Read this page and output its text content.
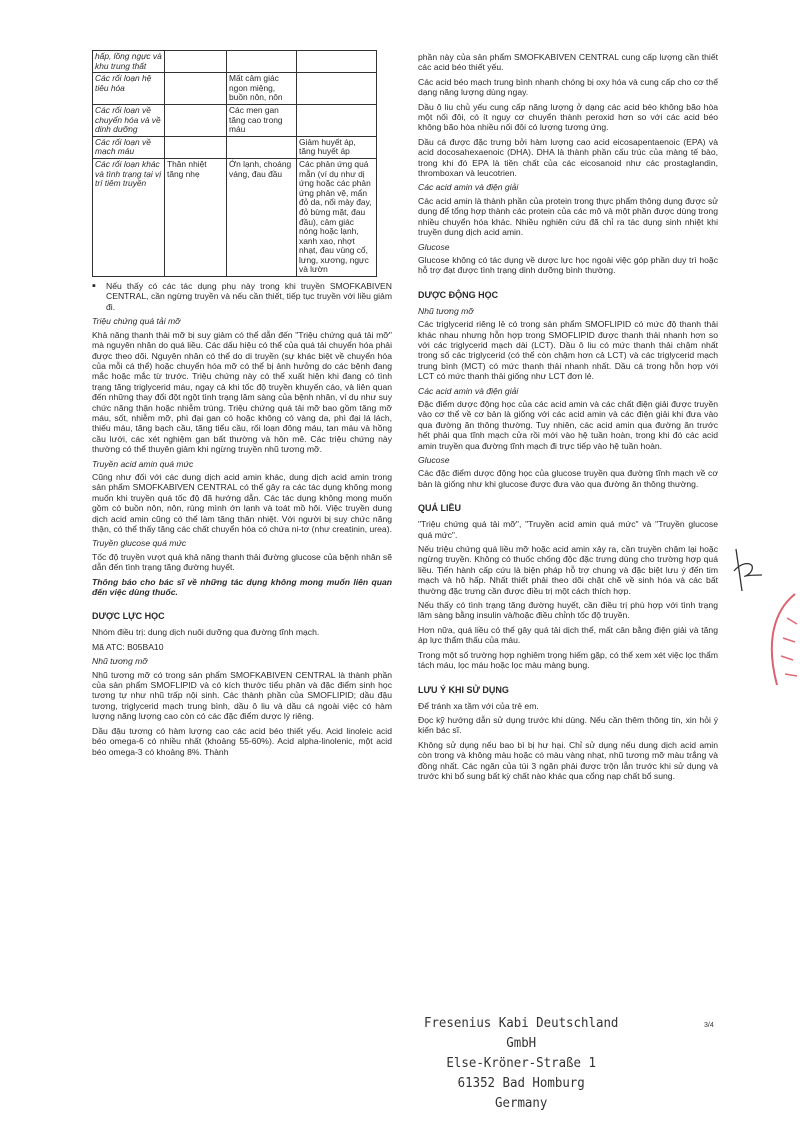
hấp, lồng ngực và khu trung thất			
Các rối loạn hệ tiêu hóa		Mất cảm giác ngon miệng, buồn nôn, nôn	
Các rối loạn về chuyển hóa và về dinh dưỡng		Các men gan tăng cao trong máu	
Các rối loạn về mạch máu			Giảm huyết áp, tăng huyết áp
Các rối loạn khác và tình trạng tại vị trí tiêm truyền	Thân nhiệt tăng nhẹ	Ớn lạnh, choáng váng, đau đầu	Các phản ứng quá mẫn (ví dụ như dị ứng hoặc các phản ứng phản vệ, mẩn đỏ da, nổi mày đay, đỏ bừng mặt, đau đầu), cảm giác nóng hoặc lạnh, xanh xao, nhợt nhạt, đau vùng cổ, lưng, xương, ngực và lườn
▪	Nếu thấy có các tác dụng phụ này trong khi truyền SMOFKABIVEN CENTRAL, cần ngừng truyền và nếu cần thiết, tiếp tục truyền với liều giảm đi.

Triệu chứng quá tải mỡ

Khả năng thanh thải mỡ bị suy giảm có thể dẫn đến "Triệu chứng quá tải mỡ" mà nguyên nhân do quá liều. Các dấu hiệu có thể của quá tải chuyển hóa phải được theo dõi. Nguyên nhân có thể do di truyền (sự khác biệt về chuyển hóa của mỗi cá thể) hoặc chuyển hóa mỡ có thể bị ảnh hưởng do các bệnh đang mắc hoặc mắc từ trước. Triệu chứng này có thể xuất hiện khi đang có tình trạng tăng triglycerid máu, ngay cả khi tốc độ truyền khuyến cáo, và liên quan đến những thay đổi đột ngột tình trạng lâm sàng của bệnh nhân, ví dụ như suy chức năng thận hoặc nhiễm trùng. Triệu chứng quá tải mỡ bao gồm tăng mỡ máu, sốt, nhiễm mỡ, phì đại gan có hoặc không có vàng da, phì đại lá lách, thiếu máu, tăng bạch cầu, tăng tiểu cầu, rối loạn đông máu, tan máu và hồng cầu lưới, các xét nghiệm gan bất thường và hôn mê. Các triệu chứng này thường có thể thuyên giảm khi ngừng truyền nhũ tương mỡ.

Truyền acid amin quá mức

Cũng như đối với các dung dịch acid amin khác, dung dịch acid amin trong sản phẩm SMOFKABIVEN CENTRAL có thể gây ra các tác dụng không mong muốn khi truyền quá tốc độ đã hướng dẫn. Các tác dụng không mong muốn gồm có buồn nôn, nôn, rùng mình ớn lạnh và toát mồ hôi. Việc truyền dung dịch acid amin cũng có thể làm tăng thân nhiệt. Với người bị suy chức năng thận, có thể thấy tăng các chất chuyển hóa có chứa ni-tơ (như creatinin, urea).

Truyền glucose quá mức

Tốc độ truyền vượt quá khả năng thanh thải đường glucose của bệnh nhân sẽ dẫn đến tình trạng tăng đường huyết.

Thông báo cho bác sĩ về những tác dụng không mong muốn liên quan đến việc dùng thuốc.

DƯỢC LỰC HỌC

Nhóm điều trị: dung dịch nuôi dưỡng qua đường tĩnh mạch.

Mã ATC: B05BA10

Nhũ tương mỡ

Nhũ tương mỡ có trong sản phẩm SMOFKABIVEN CENTRAL là thành phần của sản phẩm SMOFLIPID và có kích thước tiểu phân và đặc điểm sinh học tương tự như nhũ trấp nội sinh. Các thành phần của SMOFLIPID; dầu đậu tương, triglycerid mạch trung bình, dầu ô liu và dầu cá ngoài việc có hàm lượng năng lượng cao còn có các đặc điểm dược lý riêng.

Dầu đậu tương có hàm lượng cao các acid béo thiết yếu. Acid linoleic acid béo omega-6 có nhiều nhất (khoảng 55-60%). Acid alpha-linolenic, một acid béo omega-3 có khoảng 8%. Thành

phần này của sản phẩm SMOFKABIVEN CENTRAL cung cấp lượng cần thiết các acid béo thiết yếu.

Các acid béo mạch trung bình nhanh chóng bị oxy hóa và cung cấp cho cơ thể dạng năng lượng dùng ngay.

Dầu ô liu chủ yếu cung cấp năng lượng ở dạng các acid béo không bão hòa một nối đôi, có ít nguy cơ chuyển thành peroxid hơn so với các acid béo không bão hòa nhiều nối đôi có lượng tương ứng.

Dầu cá được đặc trưng bởi hàm lượng cao acid eicosapentaenoic (EPA) và acid docosahexaenoic (DHA). DHA là thành phần cấu trúc của màng tế bào, trong khi đó EPA là tiền chất của các eicosanoid như các prostaglandin, thromboxan và leucotrien.

Các acid amin và điện giải

Các acid amin là thành phần của protein trong thực phẩm thông dụng được sử dụng để tổng hợp thành các protein của các mô và một phần được dùng trong nhiều chuyển hóa khác. Nhiều nghiên cứu đã chỉ ra tác dụng sinh nhiệt khi truyền dung dịch acid amin.

Glucose

Glucose không có tác dụng về dược lực học ngoài việc góp phần duy trì hoặc hỗ trợ đạt được tình trạng dinh dưỡng bình thường.

DƯỢC ĐỘNG HỌC

Nhũ tương mỡ

Các triglycerid riêng lẻ có trong sản phẩm SMOFLIPID có mức độ thanh thải khác nhau nhưng hỗn hợp trong SMOFLIPID được thanh thải nhanh hơn so với các triglycerid mạch dài (LCT). Dầu ô liu có mức thanh thải chậm nhất trong số các triglycerid (có thể còn chậm hơn cả LCT) và các triglycerid mạch trung bình (MCT) có mức thanh thải nhanh nhất. Dầu cá trong hỗn hợp với LCT có mức thanh thải giống như LCT đơn lẻ.

Các acid amin và điện giải

Đặc điểm dược động học của các acid amin và các chất điện giải được truyền vào cơ thể về cơ bản là giống với các acid amin và các điện giải khi đưa vào qua đường ăn thông thường. Tuy nhiên, các acid amin qua đường ăn trước hết phải qua tĩnh mạch cửa rồi mới vào hệ tuần hoàn, trong khi đó các acid amin truyền qua đường tĩnh mạch đi trực tiếp vào hệ tuần hoàn.

Glucose

Các đặc điểm dược động học của glucose truyền qua đường tĩnh mạch về cơ bản là giống như khi glucose được đưa vào qua đường ăn thông thường.

QUÁ LIỀU

"Triệu chứng quá tải mỡ", "Truyền acid amin quá mức" và "Truyền glucose quá mức".

Nếu triệu chứng quá liều mỡ hoặc acid amin xảy ra, cần truyền chậm lại hoặc ngừng truyền. Không có thuốc chống độc đặc trưng dùng cho trường hợp quá liều. Tiến hành cấp cứu là biện pháp hỗ trợ chung và đặc biệt lưu ý đến tim mạch và hô hấp. Nhất thiết phải theo dõi chặt chẽ về sinh hóa và các bất thường đặc trưng cần được điều trị một cách thích hợp.

Nếu thấy có tình trạng tăng đường huyết, cần điều trị phù hợp với tình trạng lâm sàng bằng insulin và/hoặc điều chỉnh tốc độ truyền.

Hơn nữa, quá liều có thể gây quá tải dịch thể, mất cân bằng điện giải và tăng áp lực thẩm thấu của máu.

Trong một số trường hợp nghiêm trọng hiếm gặp, có thể xem xét việc lọc thẩm tách máu, lọc máu hoặc lọc màu màng bụng.

LƯU Ý KHI SỬ DỤNG

Để tránh xa tầm với của trẻ em.

Đọc kỹ hướng dẫn sử dụng trước khi dùng. Nếu cần thêm thông tin, xin hỏi ý kiến bác sĩ.

Không sử dụng nếu bao bì bị hư hại. Chỉ sử dụng nếu dung dịch acid amin còn trong và không màu hoặc có màu vàng nhạt, nhũ tương mỡ màu trắng và đồng nhất. Các ngăn của túi 3 ngăn phải được trộn lẫn trước khi sử dụng và trước khi bổ sung bất kỳ chất nào khác qua cổng nạp chất bổ sung.

Fresenius Kabi Deutschland GmbH
Else-Kröner-Straße 1
61352 Bad Homburg
Germany
3/4
